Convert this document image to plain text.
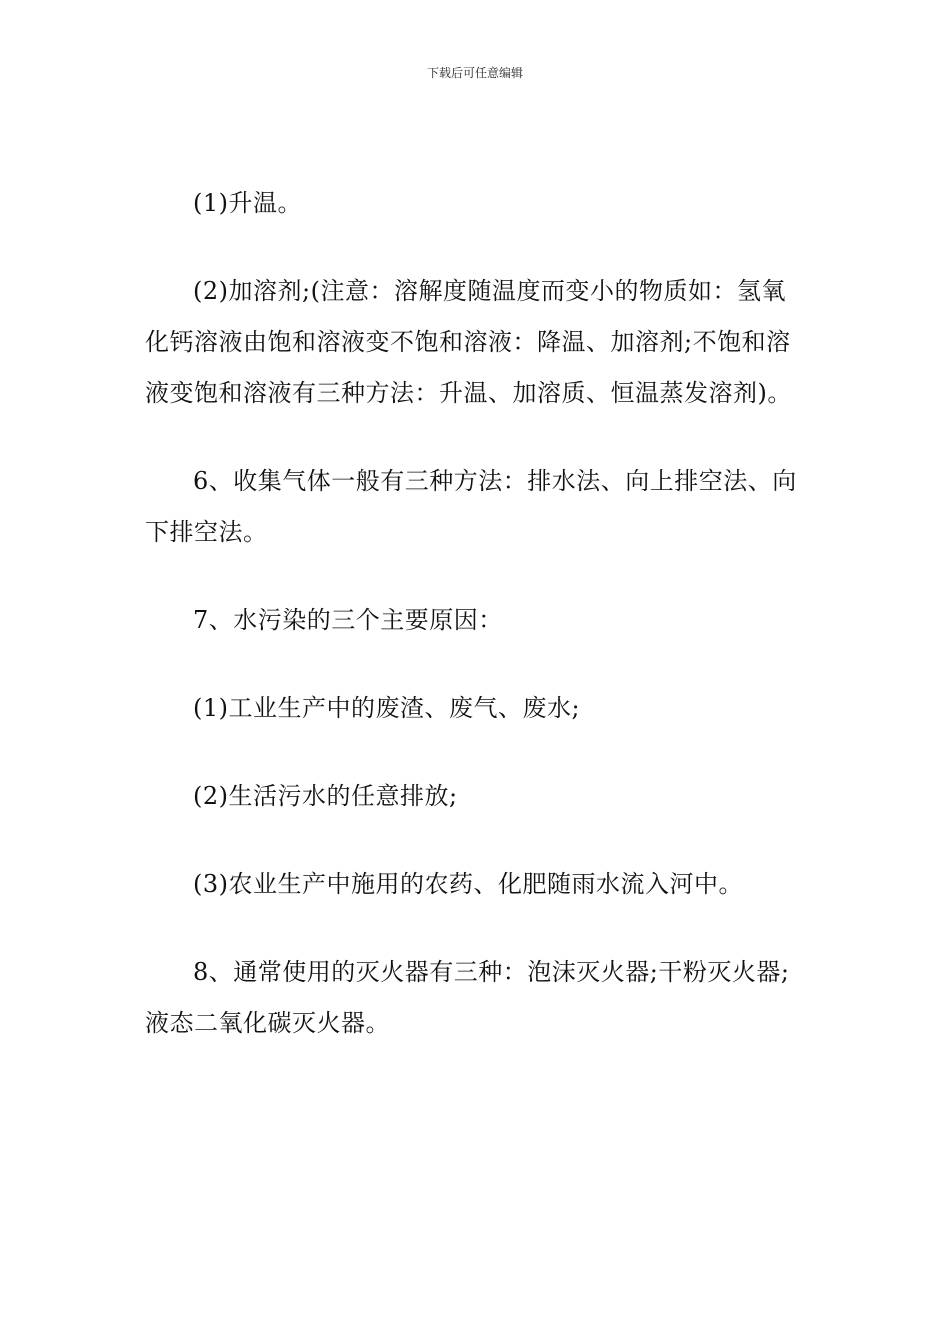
下载后可任意编辑

(1)升温。

(2)加溶剂;(注意：溶解度随温度而变小的物质如：氢氧化钙溶液由饱和溶液变不饱和溶液：降温、加溶剂;不饱和溶液变饱和溶液有三种方法：升温、加溶质、恒温蒸发溶剂)。

6、收集气体一般有三种方法：排水法、向上排空法、向下排空法。

7、水污染的三个主要原因：

(1)工业生产中的废渣、废气、废水;

(2)生活污水的任意排放;

(3)农业生产中施用的农药、化肥随雨水流入河中。

8、通常使用的灭火器有三种：泡沫灭火器;干粉灭火器;液态二氧化碳灭火器。
